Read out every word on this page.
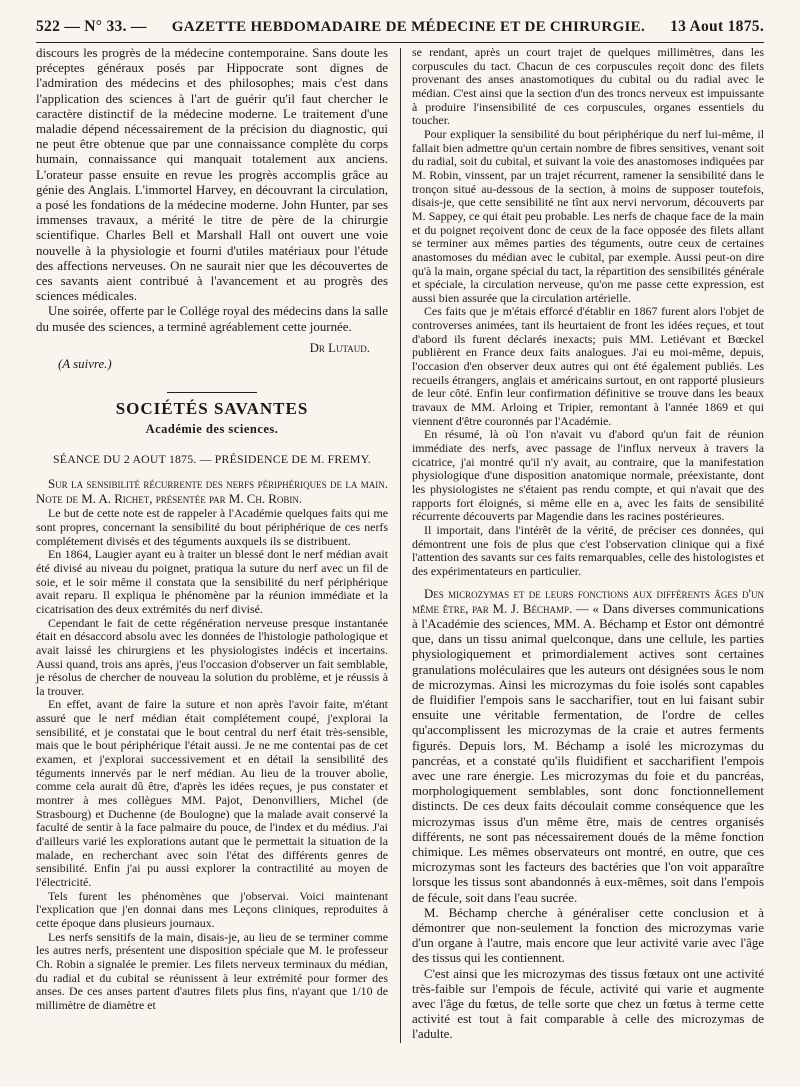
522 — N° 33. — GAZETTE HEBDOMADAIRE DE MÉDECINE ET DE CHIRURGIE. 13 Aout 1875.

discours les progrès de la médecine contemporaine. Sans doute les préceptes généraux posés par Hippocrate sont dignes de l'admiration des médecins et des philosophes; mais c'est dans l'application des sciences à l'art de guérir qu'il faut chercher le caractère distinctif de la médecine moderne. Le traitement d'une maladie dépend nécessairement de la précision du diagnostic, qui ne peut être obtenue que par une connaissance complète du corps humain, connaissance qui manquait totalement aux anciens. L'orateur passe ensuite en revue les progrès accomplis grâce au génie des Anglais. L'immortel Harvey, en découvrant la circulation, a posé les fondations de la médecine moderne. John Hunter, par ses immenses travaux, a mérité le titre de père de la chirurgie scientifique. Charles Bell et Marshall Hall ont ouvert une voie nouvelle à la physiologie et fourni d'utiles matériaux pour l'étude des affections nerveuses. On ne saurait nier que les découvertes de ces savants aient contribué à l'avancement et au progrès des sciences médicales.

Une soirée, offerte par le Collége royal des médecins dans la salle du musée des sciences, a terminé agréablement cette journée.

Dr Lutaud.
(A suivre.)
SOCIÉTÉS SAVANTES
Académie des sciences.
SÉANCE DU 2 AOUT 1875. — PRÉSIDENCE DE M. FREMY.

Sur la sensibilité récurrente des nerfs périphériques de la main. Note de M. A. Richet, présentée par M. Ch. Robin.

Le but de cette note est de rappeler à l'Académie quelques faits qui me sont propres, concernant la sensibilité du bout périphérique de ces nerfs complétement divisés et des téguments auxquels ils se distribuent.

En 1864, Laugier ayant eu à traiter un blessé dont le nerf médian avait été divisé au niveau du poignet, pratiqua la suture du nerf avec un fil de soie, et le soir même il constata que la sensibilité du nerf périphérique avait reparu. Il expliqua le phénomène par la réunion immédiate et la cicatrisation des deux extrémités du nerf divisé.

Cependant le fait de cette régénération nerveuse presque instantanée était en désaccord absolu avec les données de l'histologie pathologique et avait laissé les chirurgiens et les physiologistes indécis et incertains. Aussi quand, trois ans après, j'eus l'occasion d'observer un fait semblable, je résolus de chercher de nouveau la solution du problème, et je réussis à la trouver.

En effet, avant de faire la suture et non après l'avoir faite, m'étant assuré que le nerf médian était complétement coupé, j'explorai la sensibilité, et je constatai que le bout central du nerf était très-sensible, mais que le bout périphérique l'était aussi. Je ne me contentai pas de cet examen, et j'explorai successivement et en détail la sensibilité des téguments innervés par le nerf médian. Au lieu de la trouver abolie, comme cela aurait dû être, d'après les idées reçues, je pus constater et montrer à mes collègues MM. Pajot, Denonvilliers, Michel (de Strasbourg) et Duchenne (de Boulogne) que la malade avait conservé la faculté de sentir à la face palmaire du pouce, de l'index et du médius. J'ai d'ailleurs varié les explorations autant que le permettait la situation de la malade, en recherchant avec soin l'état des différents genres de sensibilité. Enfin j'ai pu aussi explorer la contractilité au moyen de l'électricité.

Tels furent les phénomènes que j'observai. Voici maintenant l'explication que j'en donnai dans mes Leçons cliniques, reproduites à cette époque dans plusieurs journaux.

Les nerfs sensitifs de la main, disais-je, au lieu de se terminer comme les autres nerfs, présentent une disposition spéciale que M. le professeur Ch. Robin a signalée le premier. Les filets nerveux terminaux du médian, du radial et du cubital se réunissent à leur extrémité pour former des anses. De ces anses partent d'autres filets plus fins, n'ayant que 1/10 de millimètre de diamètre et

se rendant, après un court trajet de quelques millimètres, dans les corpuscules du tact. Chacun de ces corpuscules reçoit donc des filets provenant des anses anastomotiques du cubital ou du radial avec le médian. C'est ainsi que la section d'un des troncs nerveux est impuissante à produire l'insensibilité de ces corpuscules, organes essentiels du toucher.

Pour expliquer la sensibilité du bout périphérique du nerf lui-même, il fallait bien admettre qu'un certain nombre de fibres sensitives, venant soit du radial, soit du cubital, et suivant la voie des anastomoses indiquées par M. Robin, vinssent, par un trajet récurrent, ramener la sensibilité dans le tronçon situé au-dessous de la section, à moins de supposer toutefois, disais-je, que cette sensibilité ne tînt aux nervi nervorum, découverts par M. Sappey, ce qui était peu probable. Les nerfs de chaque face de la main et du poignet reçoivent donc de ceux de la face opposée des filets allant se terminer aux mêmes parties des téguments, outre ceux de certaines anastomoses du médian avec le cubital, par exemple. Aussi peut-on dire qu'à la main, organe spécial du tact, la répartition des sensibilités générale et spéciale, la circulation nerveuse, qu'on me passe cette expression, est aussi bien assurée que la circulation artérielle.

Ces faits que je m'étais efforcé d'établir en 1867 furent alors l'objet de controverses animées, tant ils heurtaient de front les idées reçues, et tout d'abord ils furent déclarés inexacts; puis MM. Letiévant et Bœckel publièrent en France deux faits analogues. J'ai eu moi-même, depuis, l'occasion d'en observer deux autres qui ont été également publiés. Les recueils étrangers, anglais et américains surtout, en ont rapporté plusieurs de leur côté. Enfin leur confirmation définitive se trouve dans les beaux travaux de MM. Arloing et Tripier, remontant à l'année 1869 et qui viennent d'être couronnés par l'Académie.

En résumé, là où l'on n'avait vu d'abord qu'un fait de réunion immédiate des nerfs, avec passage de l'influx nerveux à travers la cicatrice, j'ai montré qu'il n'y avait, au contraire, que la manifestation physiologique d'une disposition anatomique normale, préexistante, dont les physiologistes ne s'étaient pas rendu compte, et qui n'avait que des rapports fort éloignés, si même elle en a, avec les faits de sensibilité récurrente découverts par Magendie dans les racines postérieures.

Il importait, dans l'intérêt de la vérité, de préciser ces données, qui démontrent une fois de plus que c'est l'observation clinique qui a fixé l'attention des savants sur ces faits remarquables, celle des histologistes et des expérimentateurs en particulier.

Des microzymas et de leurs fonctions aux différents âges d'un même être, par M. J. Béchamp. — « Dans diverses communications à l'Académie des sciences, MM. A. Béchamp et Estor ont démontré que, dans un tissu animal quelconque, dans une cellule, les parties physiologiquement et primordialement actives sont certaines granulations moléculaires que les auteurs ont désignées sous le nom de microzymas. Ainsi les microzymas du foie isolés sont capables de fluidifier l'empois sans le saccharifier, tout en lui faisant subir ensuite une véritable fermentation, de l'ordre de celles qu'accomplissent les microzymas de la craie et autres ferments figurés. Depuis lors, M. Béchamp a isolé les microzymas du pancréas, et a constaté qu'ils fluidifient et saccharifient l'empois avec une rare énergie. Les microzymas du foie et du pancréas, morphologiquement semblables, sont donc fonctionnellement distincts. De ces deux faits découlait comme conséquence que les microzymas issus d'un même être, mais de centres organisés différents, ne sont pas nécessairement doués de la même fonction chimique. Les mêmes observateurs ont montré, en outre, que ces microzymas sont les facteurs des bactéries que l'on voit apparaître lorsque les tissus sont abandonnés à eux-mêmes, soit dans l'empois de fécule, soit dans l'eau sucrée.

M. Béchamp cherche à généraliser cette conclusion et à démontrer que non-seulement la fonction des microzymas varie d'un organe à l'autre, mais encore que leur activité varie avec l'âge des tissus qui les contiennent.

C'est ainsi que les microzymas des tissus fœtaux ont une activité très-faible sur l'empois de fécule, activité qui varie et augmente avec l'âge du fœtus, de telle sorte que chez un fœtus à terme cette activité est tout à fait comparable à celle des microzymas de l'adulte.
